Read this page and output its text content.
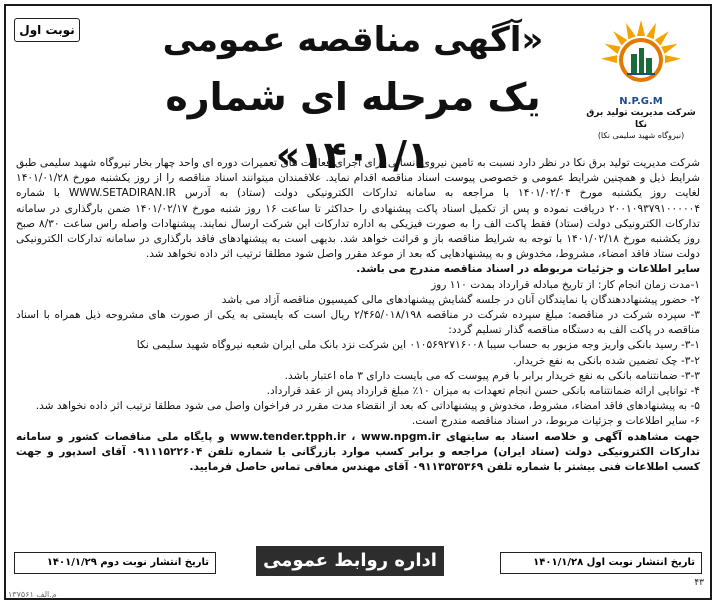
نوبت اول	«آگهی مناقصه عمومی
یک مرحله ای شماره ۱۴۰۱/۱»
N.P.G.M
شرکت مدیریت تولید برق نکا
(نیروگاه شهید سلیمی نکا)

شرکت مدیریت تولید برق نکا در نظر دارد نسبت به تامین نیروی انسانی برای اجرای فعالیت های تعمیرات دوره ای واحد چهار بخار نیروگاه شهید سلیمی طبق شرایط ذیل و همچنین شرایط عمومی و خصوصی پیوست اسناد مناقصه اقدام نماید. علاقمندان میتوانند اسناد مناقصه را از روز یکشنبه مورخ ۱۴۰۱/۰۱/۲۸ لغایت روز یکشنبه مورخ ۱۴۰۱/۰۲/۰۴ با مراجعه به سامانه تدارکات الکترونیکی دولت (ستاد) به آدرس WWW.SETADIRAN.IR با شماره ۲۰۰۱۰۹۳۷۹۱۰۰۰۰۰۴ دریافت نموده و پس از تکمیل اسناد پاکت پیشنهادی را حداکثر تا ساعت ۱۶ روز شنبه مورخ ۱۴۰۱/۰۲/۱۷ ضمن بارگذاری در سامانه تدارکات الکترونیکی دولت (ستاد) فقط پاکت الف را به صورت فیزیکی به اداره تدارکات این شرکت ارسال نمایند. پیشنهادات واصله راس ساعت ۸/۳۰ صبح روز یکشنبه مورخ ۱۴۰۱/۰۲/۱۸ با توجه به شرایط مناقصه باز و قرائت خواهد شد. بدیهی است به پیشنهادهای فاقد بارگذاری در سامانه تدارکات الکترونیکی دولت ستاد فاقد امضاء، مشروط، مخدوش و به پیشنهادهایی که بعد از موعد مقرر واصل شود مطلقا ترتیب اثر داده نخواهد شد.

سایر اطلاعات و جزئیات مربوطه در اسناد مناقصه مندرج می باشد.

۱-مدت زمان انجام کار: از تاریخ مبادله قرارداد بمدت ۱۱۰ روز

۲- حضور پیشنهاددهندگان یا نمایندگان آنان در جلسه گشایش پیشنهادهای مالی کمیسیون مناقصه آزاد می باشد

۳- سپرده شرکت در مناقصه: مبلغ سپرده شرکت در مناقصه ۲/۴۶۵/۰۱۸/۱۹۸ ریال است که بایستی به یکی از صورت های مشروحه ذیل همراه با اسناد مناقصه در پاکت الف به دستگاه مناقصه گذار تسلیم گردد:

۳-۱- رسید بانکی واریز وجه مزبور به حساب سیبا ۰۱۰۵۶۹۲۷۱۶۰۰۸ این شرکت نزد بانک ملی ایران شعبه نیروگاه شهید سلیمی نکا

۳-۲- چک تضمین شده بانکی به نفع خریدار.

۳-۳- ضمانتنامه بانکی به نفع خریدار برابر با فرم پیوست که می بایست دارای ۳ ماه اعتبار باشد.

۴- توانایی ارائه ضمانتنامه بانکی حسن انجام تعهدات به میزان ۱۰٪ مبلغ قرارداد پس از عقد قرارداد.

۵- به پیشنهادهای فاقد امضاء، مشروط، مخدوش و پیشنهاداتی که بعد از انقضاء مدت مقرر در فراخوان واصل می شود مطلقا ترتیب اثر داده نخواهد شد.

۶- سایر اطلاعات و جزئیات مربوط، در اسناد مناقصه مندرج است.

جهت مشاهده آگهی و خلاصه اسناد به سایتهای www.tender.tpph.ir ، www.npgm.ir و پایگاه ملی مناقصات کشور و سامانه تدارکات الکترونیکی دولت (ستاد ایران) مراجعه و برابر کسب موارد بازرگانی با شماره تلفن ۰۹۱۱۱۵۲۲۶۰۴ آقای اسدپور و جهت کسب اطلاعات فنی بیشتر با شماره تلفن ۰۹۱۱۳۵۳۵۳۶۹ آقای مهندس معافی تماس حاصل فرمایید.

تاریخ انتشار نوبت اول ۱۴۰۱/۱/۲۸
تاریخ انتشار نوبت دوم ۱۴۰۱/۱/۲۹	اداره روابط عمومی
۴۳
م.الف ۱۳۷۵۶۱
